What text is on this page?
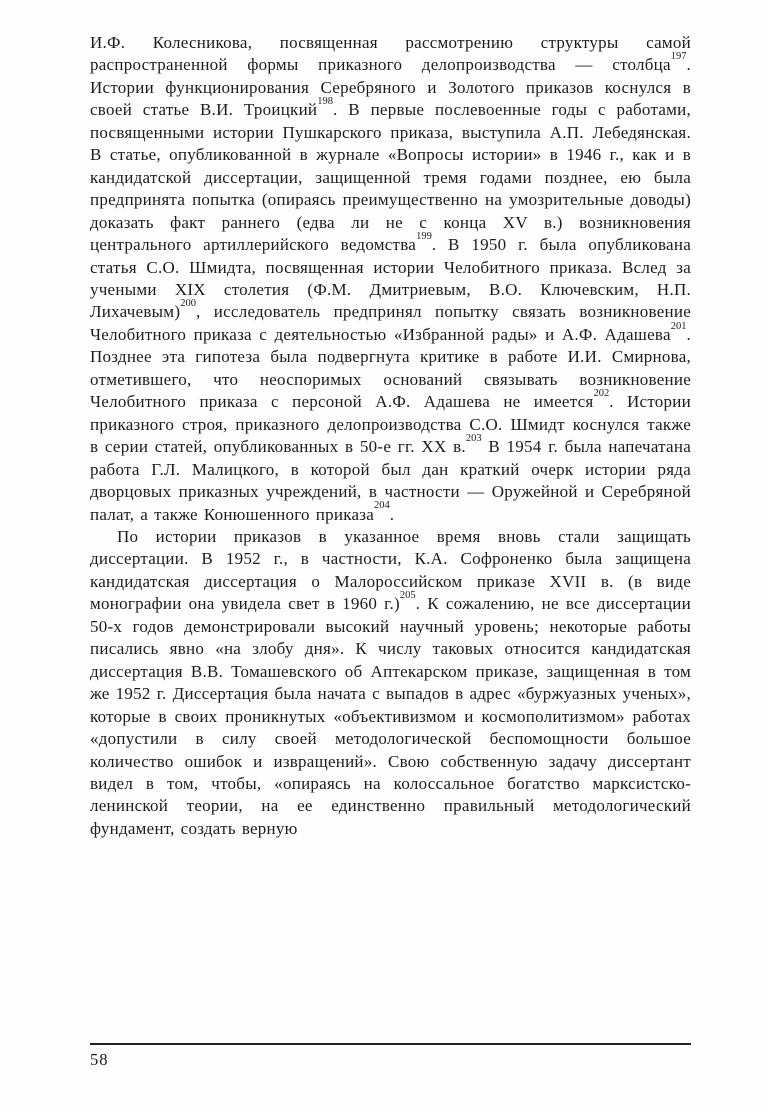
И.Ф. Колесникова, посвященная рассмотрению структуры самой распространенной формы приказного делопроизводства — столбца$^{197}$. Истории функционирования Серебряного и Золотого приказов коснулся в своей статье В.И. Троицкий$^{198}$. В первые послевоенные годы с работами, посвященными истории Пушкарского приказа, выступила А.П. Лебедянская. В статье, опубликованной в журнале «Вопросы истории» в 1946 г., как и в кандидатской диссертации, защищенной тремя годами позднее, ею была предпринята попытка (опираясь преимущественно на умозрительные доводы) доказать факт раннего (едва ли не с конца XV в.) возникновения центрального артиллерийского ведомства$^{199}$. В 1950 г. была опубликована статья С.О. Шмидта, посвященная истории Челобитного приказа. Вслед за учеными XIX столетия (Ф.М. Дмитриевым, В.О. Ключевским, Н.П. Лихачевым)$^{200}$, исследователь предпринял попытку связать возникновение Челобитного приказа с деятельностью «Избранной рады» и А.Ф. Адашева$^{201}$. Позднее эта гипотеза была подвергнута критике в работе И.И. Смирнова, отметившего, что неоспоримых оснований связывать возникновение Челобитного приказа с персоной А.Ф. Адашева не имеется$^{202}$. Истории приказного строя, приказного делопроизводства С.О. Шмидт коснулся также в серии статей, опубликованных в 50-е гг. XX в.$^{203}$ В 1954 г. была напечатана работа Г.Л. Малицкого, в которой был дан краткий очерк истории ряда дворцовых приказных учреждений, в частности — Оружейной и Серебряной палат, а также Конюшенного приказа$^{204}$.

По истории приказов в указанное время вновь стали защищать диссертации. В 1952 г., в частности, К.А. Софроненко была защищена кандидатская диссертация о Малороссийском приказе XVII в. (в виде монографии она увидела свет в 1960 г.)$^{205}$. К сожалению, не все диссертации 50-х годов демонстрировали высокий научный уровень; некоторые работы писались явно «на злобу дня». К числу таковых относится кандидатская диссертация В.В. Томашевского об Аптекарском приказе, защищенная в том же 1952 г. Диссертация была начата с выпадов в адрес «буржуазных ученых», которые в своих проникнутых «объективизмом и космополитизмом» работах «допустили в силу своей методологической беспомощности большое количество ошибок и извращений». Свою собственную задачу диссертант видел в том, чтобы, «опираясь на колоссальное богатство марксистско-ленинской теории, на ее единственно правильный методологический фундамент, создать верную

58
